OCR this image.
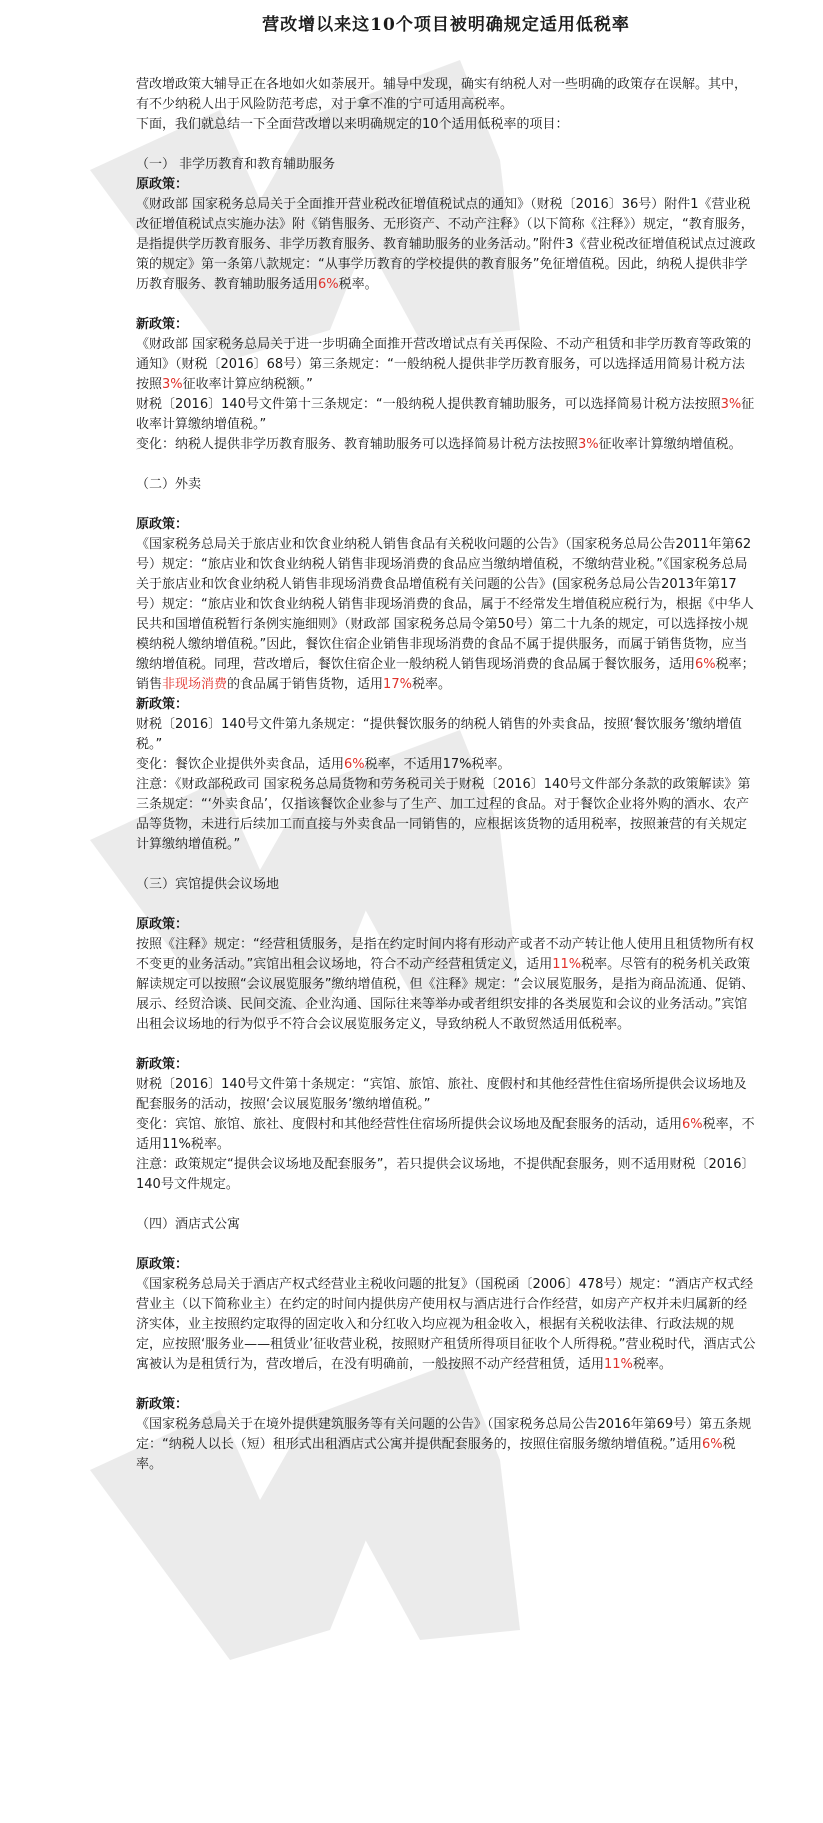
营改增以来这10个项目被明确规定适用低税率

营改增政策大辅导正在各地如火如荼展开。辅导中发现，确实有纳税人对一些明确的政策存在误解。其中，有不少纳税人出于风险防范考虑，对于拿不准的宁可适用高税率。

下面，我们就总结一下全面营改增以来明确规定的10个适用低税率的项目：

（一） 非学历教育和教育辅助服务

原政策：

《财政部 国家税务总局关于全面推开营业税改征增值税试点的通知》（财税〔2016〕36号）附件1《营业税改征增值税试点实施办法》附《销售服务、无形资产、不动产注释》（以下简称《注释》）规定，“教育服务，是指提供学历教育服务、非学历教育服务、教育辅助服务的业务活动。”附件3《营业税改征增值税试点过渡政策的规定》第一条第八款规定：“从事学历教育的学校提供的教育服务”免征增值税。因此，纳税人提供非学历教育服务、教育辅助服务适用6%税率。

新政策：

《财政部 国家税务总局关于进一步明确全面推开营改增试点有关再保险、不动产租赁和非学历教育等政策的通知》（财税〔2016〕68号）第三条规定：“一般纳税人提供非学历教育服务，可以选择适用简易计税方法按照3%征收率计算应纳税额。”

财税〔2016〕140号文件第十三条规定：“一般纳税人提供教育辅助服务，可以选择简易计税方法按照3%征收率计算缴纳增值税。”

变化：纳税人提供非学历教育服务、教育辅助服务可以选择简易计税方法按照3%征收率计算缴纳增值税。

（二）外卖

原政策：

《国家税务总局关于旅店业和饮食业纳税人销售食品有关税收问题的公告》（国家税务总局公告2011年第62号）规定：“旅店业和饮食业纳税人销售非现场消费的食品应当缴纳增值税，不缴纳营业税。”《国家税务总局关于旅店业和饮食业纳税人销售非现场消费食品增值税有关问题的公告》(国家税务总局公告2013年第17号）规定：“旅店业和饮食业纳税人销售非现场消费的食品，属于不经常发生增值税应税行为，根据《中华人民共和国增值税暂行条例实施细则》（财政部 国家税务总局令第50号）第二十九条的规定，可以选择按小规模纳税人缴纳增值税。”因此，餐饮住宿企业销售非现场消费的食品不属于提供服务，而属于销售货物，应当缴纳增值税。同理，营改增后，餐饮住宿企业一般纳税人销售现场消费的食品属于餐饮服务，适用6%税率；销售非现场消费的食品属于销售货物，适用17%税率。

新政策：

财税〔2016〕140号文件第九条规定：“提供餐饮服务的纳税人销售的外卖食品，按照‘餐饮服务’缴纳增值税。”

变化：餐饮企业提供外卖食品，适用6%税率，不适用17%税率。

注意：《财政部税政司 国家税务总局货物和劳务税司关于财税〔2016〕140号文件部分条款的政策解读》第三条规定：“‘外卖食品’，仅指该餐饮企业参与了生产、加工过程的食品。对于餐饮企业将外购的酒水、农产品等货物，未进行后续加工而直接与外卖食品一同销售的，应根据该货物的适用税率，按照兼营的有关规定计算缴纳增值税。”

（三）宾馆提供会议场地

原政策：

按照《注释》规定：“经营租赁服务，是指在约定时间内将有形动产或者不动产转让他人使用且租赁物所有权不变更的业务活动。”宾馆出租会议场地，符合不动产经营租赁定义，适用11%税率。尽管有的税务机关政策解读规定可以按照“会议展览服务”缴纳增值税，但《注释》规定：“会议展览服务，是指为商品流通、促销、展示、经贸洽谈、民间交流、企业沟通、国际往来等举办或者组织安排的各类展览和会议的业务活动。”宾馆出租会议场地的行为似乎不符合会议展览服务定义，导致纳税人不敢贸然适用低税率。

新政策：

财税〔2016〕140号文件第十条规定：“宾馆、旅馆、旅社、度假村和其他经营性住宿场所提供会议场地及配套服务的活动，按照‘会议展览服务’缴纳增值税。”

变化：宾馆、旅馆、旅社、度假村和其他经营性住宿场所提供会议场地及配套服务的活动，适用6%税率，不适用11%税率。

注意：政策规定“提供会议场地及配套服务”，若只提供会议场地，不提供配套服务，则不适用财税〔2016〕140号文件规定。

（四）酒店式公寓

原政策：

《国家税务总局关于酒店产权式经营业主税收问题的批复》（国税函〔2006〕478号）规定：“酒店产权式经营业主（以下简称业主）在约定的时间内提供房产使用权与酒店进行合作经营，如房产产权并未归属新的经济实体，业主按照约定取得的固定收入和分红收入均应视为租金收入，根据有关税收法律、行政法规的规定，应按照‘服务业——租赁业’征收营业税，按照财产租赁所得项目征收个人所得税。”营业税时代，酒店式公寓被认为是租赁行为，营改增后，在没有明确前，一般按照不动产经营租赁，适用11%税率。

新政策：

《国家税务总局关于在境外提供建筑服务等有关问题的公告》（国家税务总局公告2016年第69号）第五条规定：“纳税人以长（短）租形式出租酒店式公寓并提供配套服务的，按照住宿服务缴纳增值税。”适用6%税率。
